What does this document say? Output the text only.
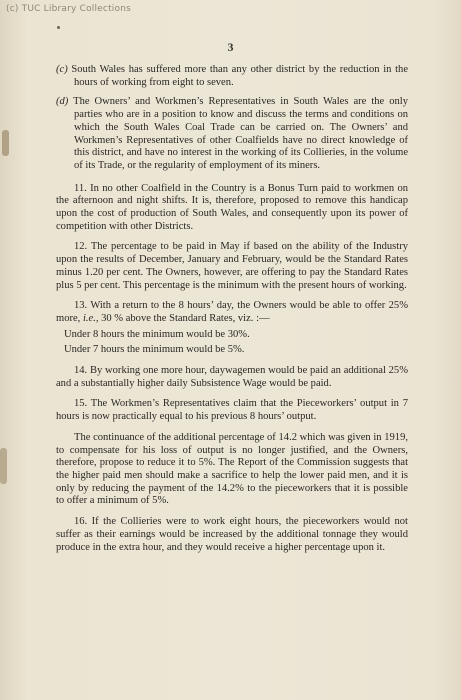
(c) TUC Library Collections
3

(c) South Wales has suffered more than any other district by the reduction in the hours of working from eight to seven.

(d) The Owners’ and Workmen’s Representatives in South Wales are the only parties who are in a position to know and discuss the terms and conditions on which the South Wales Coal Trade can be carried on. The Owners’ and Workmen’s Representatives of other Coalfields have no direct knowledge of this district, and have no interest in the working of its Collieries, in the volume of its Trade, or the regularity of employment of its miners.

11. In no other Coalfield in the Country is a Bonus Turn paid to workmen on the afternoon and night shifts. It is, therefore, proposed to remove this handicap upon the cost of production of South Wales, and consequently upon its power of competition with other Districts.

12. The percentage to be paid in May if based on the ability of the Industry upon the results of December, January and February, would be the Standard Rates minus 1.20 per cent. The Owners, however, are offering to pay the Standard Rates plus 5 per cent. This percentage is the minimum with the present hours of working.

13. With a return to the 8 hours’ day, the Owners would be able to offer 25% more, i.e., 30 % above the Standard Rates, viz. :—

Under 8 hours the minimum would be 30%.
Under 7 hours the minimum would be 5%.

14. By working one more hour, daywagemen would be paid an additional 25% and a substantially higher daily Subsistence Wage would be paid.

15. The Workmen’s Representatives claim that the Pieceworkers’ output in 7 hours is now practically equal to his previous 8 hours’ output.

The continuance of the additional percentage of 14.2 which was given in 1919, to compensate for his loss of output is no longer justified, and the Owners, therefore, propose to reduce it to 5%. The Report of the Commission suggests that the higher paid men should make a sacrifice to help the lower paid men, and it is only by reducing the payment of the 14.2% to the pieceworkers that it is possible to offer a minimum of 5%.

16. If the Collieries were to work eight hours, the pieceworkers would not suffer as their earnings would be increased by the additional tonnage they would produce in the extra hour, and they would receive a higher percentage upon it.
